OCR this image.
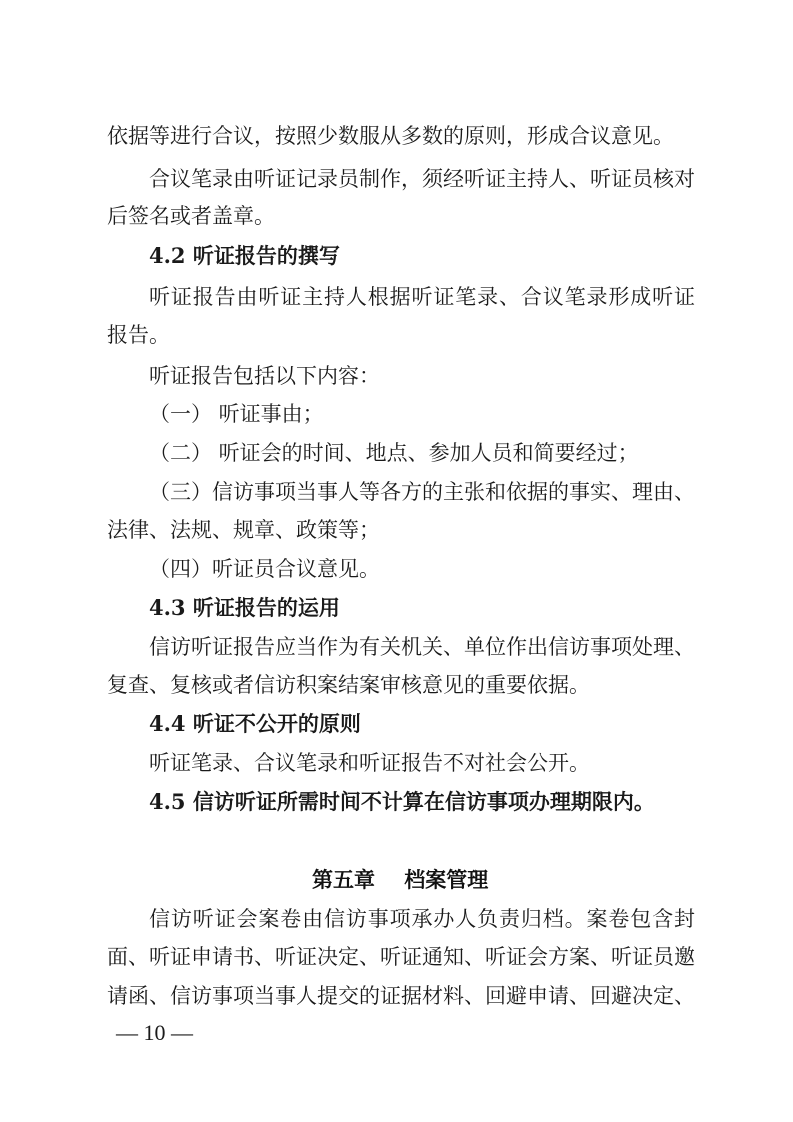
依据等进行合议，按照少数服从多数的原则，形成合议意见。
合议笔录由听证记录员制作，须经听证主持人、听证员核对
后签名或者盖章。
4.2 听证报告的撰写
听证报告由听证主持人根据听证笔录、合议笔录形成听证
报告。
听证报告包括以下内容：
（一） 听证事由；
（二） 听证会的时间、地点、参加人员和简要经过；
（三）信访事项当事人等各方的主张和依据的事实、理由、
法律、法规、规章、政策等；
（四）听证员合议意见。
4.3 听证报告的运用
信访听证报告应当作为有关机关、单位作出信访事项处理、
复查、复核或者信访积案结案审核意见的重要依据。
4.4 听证不公开的原则
听证笔录、合议笔录和听证报告不对社会公开。
4.5 信访听证所需时间不计算在信访事项办理期限内。
第五章    档案管理
信访听证会案卷由信访事项承办人负责归档。案卷包含封
面、听证申请书、听证决定、听证通知、听证会方案、听证员邀
请函、信访事项当事人提交的证据材料、回避申请、回避决定、
— 10 —
